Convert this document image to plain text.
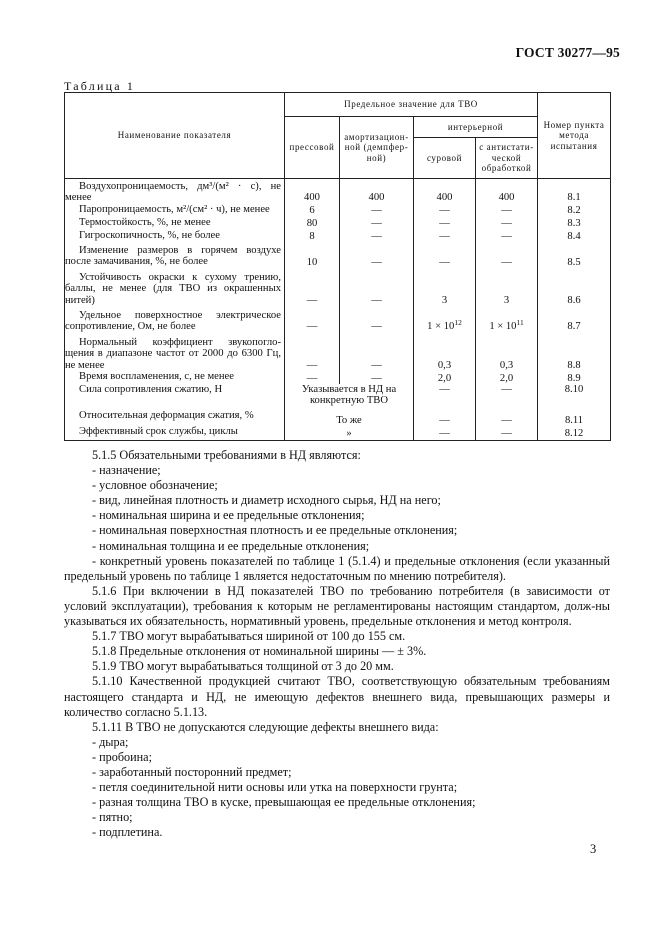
ГОСТ 30277—95
Таблица 1
Наименование показателя	Предельное значение для ТВО				Номер пункта метода испытания
	прессовой	амортизацион-ной (демпфер-ной)	интерьерной		
			суровой	с антистати-ческой обработкой	
Воздухопроницаемость, дм³/(м² · с), не менее	400	400	400	400	8.1
Паропроницаемость, м²/(см² · ч), не менее	6	—	—	—	8.2
Термостойкость, %, не менее	80	—	—	—	8.3
Гигроскопичность, %, не более	8	—	—	—	8.4
Изменение размеров в горячем воздухе после замачивания, %, не более	10	—	—	—	8.5
Устойчивость окраски к сухому трению, баллы, не менее (для ТВО из окрашенных нитей)	—	—	3	3	8.6
Удельное поверхностное электрическое сопротивление, Ом, не более	—	—	$1 \times 10^{12}$	$1 \times 10^{11}$	8.7
Нормальный коэффициент звукопогло-щения в диапазоне частот от 2000 до 6300 Гц, не менее	—	—	0,3	0,3	8.8
Время воспламенения, с, не менее	—	—	2,0	2,0	8.9
Сила сопротивления сжатию, Н	Указывается в НД на конкретную ТВО		—	—	8.10
Относительная деформация сжатия, %	То же		—	—	8.11
Эффективный срок службы, циклы	»		—	—	8.12

5.1.5 Обязательными требованиями в НД являются:

- назначение;

- условное обозначение;

- вид, линейная плотность и диаметр исходного сырья, НД на него;

- номинальная ширина и ее предельные отклонения;

- номинальная поверхностная плотность и ее предельные отклонения;

- номинальная толщина и ее предельные отклонения;

- конкретный уровень показателей по таблице 1 (5.1.4) и предельные отклонения (если указанный предельный уровень по таблице 1 является недостаточным по мнению потребителя).

5.1.6 При включении в НД показателей ТВО по требованию потребителя (в зависимости от условий эксплуатации), требования к которым не регламентированы настоящим стандартом, долж-ны указываться их обязательность, нормативный уровень, предельные отклонения и метод контроля.

5.1.7 ТВО могут вырабатываться шириной от 100 до 155 см.

5.1.8 Предельные отклонения от номинальной ширины — ± 3%.

5.1.9 ТВО могут вырабатываться толщиной от 3 до 20 мм.

5.1.10 Качественной продукцией считают ТВО, соответствующую обязательным требованиям настоящего стандарта и НД, не имеющую дефектов внешнего вида, превышающих размеры и количество согласно 5.1.13.

5.1.11 В ТВО не допускаются следующие дефекты внешнего вида:

- дыра;

- пробоина;

- заработанный посторонний предмет;

- петля соединительной нити основы или утка на поверхности грунта;

- разная толщина ТВО в куске, превышающая ее предельные отклонения;

- пятно;

- подплетина.

3
